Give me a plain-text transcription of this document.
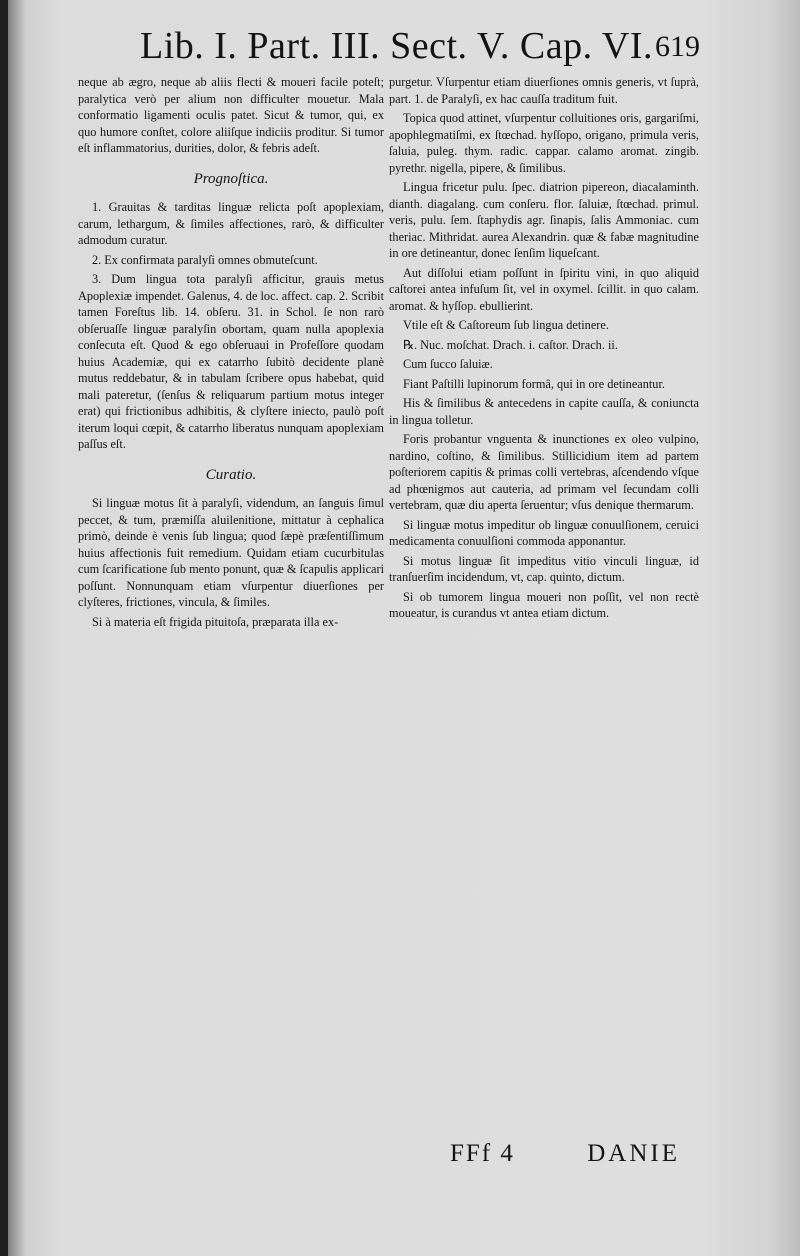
Lib. I. Part. III. Sect. V. Cap. VI. 619

neque ab ægro, neque ab aliis flecti & moueri facile poteſt; paralytica verò per alium non difficulter mouetur. Mala conformatio ligamenti oculis patet. Sicut & tumor, qui, ex quo humore conſtet, colore aliiſque indiciis proditur. Si tumor eſt inflammatorius, durities, dolor, & febris adeſt.

Prognoſtica.

1. Grauitas & tarditas linguæ relicta poſt apoplexiam, carum, lethargum, & ſimiles affectiones, rarò, & difficulter admodum curatur.

2. Ex confirmata paralyſi omnes obmuteſcunt.

3. Dum lingua tota paralyſi afficitur, grauis metus Apoplexiæ impendet. Galenus, 4. de loc. affect. cap. 2. Scribit tamen Foreſtus lib. 14. obſeru. 31. in Schol. ſe non rarò obſeruaſſe linguæ paralyſin obortam, quam nulla apoplexia conſecuta eſt. Quod & ego obſeruaui in Profeſſore quodam huius Academiæ, qui ex catarrho ſubitò decidente planè mutus reddebatur, & in tabulam ſcribere opus habebat, quid mali pateretur, (ſenſus & reliquarum partium motus integer erat) qui frictionibus adhibitis, & clyſtere iniecto, paulò poſt iterum loqui cœpit, & catarrho liberatus nunquam apoplexiam paſſus eſt.

Curatio.

Si linguæ motus ſit à paralyſi, videndum, an ſanguis ſimul peccet, & tum, præmiſſa aluilenitione, mittatur à cephalica primò, deinde è venis ſub lingua; quod ſæpè præſentiſſimum huius affectionis fuit remedium. Quidam etiam cucurbitulas cum ſcarificatione ſub mento ponunt, quæ & ſcapulis applicari poſſunt. Nonnunquam etiam vſurpentur diuerſiones per clyſteres, frictiones, vincula, & ſimiles.

Si à materia eſt frigida pituitoſa, præparata illa ex-

purgetur. Vſurpentur etiam diuerſiones omnis generis, vt ſuprà, part. 1. de Paralyſi, ex hac cauſſa traditum fuit.

Topica quod attinet, vſurpentur colluitiones oris, gargariſmi, apophlegmatiſmi, ex ſtœchad. hyſſopo, origano, primula veris, ſaluia, puleg. thym. radic. cappar. calamo aromat. zingib. pyrethr. nigella, pipere, & ſimilibus.

Lingua fricetur pulu. ſpec. diatrion pipereon, diacalaminth. dianth. diagalang. cum conſeru. flor. ſaluiæ, ſtœchad. primul. veris, pulu. ſem. ſtaphydis agr. ſinapis, ſalis Ammoniac. cum theriac. Mithridat. aurea Alexandrin. quæ & fabæ magnitudine in ore detineantur, donec ſenſim liqueſcant.

Aut diſſolui etiam poſſunt in ſpiritu vini, in quo aliquid caſtorei antea infuſum ſit, vel in oxymel. ſcillit. in quo calam. aromat. & hyſſop. ebullierint.

Vtile eſt & Caſtoreum ſub lingua detinere.

℞. Nuc. moſchat. Drach. i. caſtor. Drach. ii.

Cum ſucco ſaluiæ.

Fiant Paſtilli lupinorum formâ, qui in ore detineantur.

His & ſimilibus & antecedens in capite cauſſa, & coniuncta in lingua tolletur.

Foris probantur vnguenta & inunctiones ex oleo vulpino, nardino, coſtino, & ſimilibus. Stillicidium item ad partem poſteriorem capitis & primas colli vertebras, aſcendendo vſque ad phœnigmos aut cauteria, ad primam vel ſecundam colli vertebram, quæ diu aperta ſeruentur; vſus denique thermarum.

Si linguæ motus impeditur ob linguæ conuulſionem, ceruici medicamenta conuulſioni commoda apponantur.

Si motus linguæ ſit impeditus vitio vinculi linguæ, id tranſuerſim incidendum, vt, cap. quinto, dictum.

Si ob tumorem lingua moueri non poſſit, vel non rectè moueatur, is curandus vt antea etiam dictum.

FFf 4	DANIE
